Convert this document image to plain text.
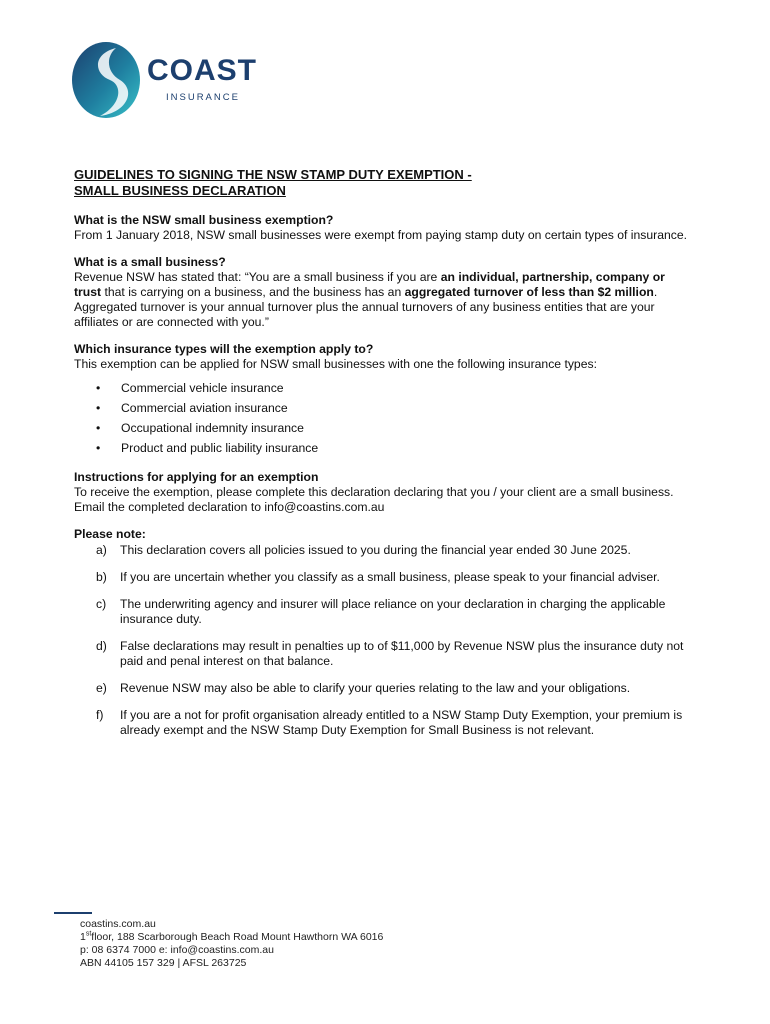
COAST
INSURANCE
GUIDELINES TO SIGNING THE NSW STAMP DUTY EXEMPTION -
SMALL BUSINESS DECLARATION

What is the NSW small business exemption?

From 1 January 2018, NSW small businesses were exempt from paying stamp duty on certain types of insurance.

What is a small business?

Revenue NSW has stated that: “You are a small business if you are an individual, partnership, company or trust that is carrying on a business, and the business has an aggregated turnover of less than $2 million. Aggregated turnover is your annual turnover plus the annual turnovers of any business entities that are your affiliates or are connected with you.”

Which insurance types will the exemption apply to?

This exemption can be applied for NSW small businesses with one the following insurance types:

• Commercial vehicle insurance
• Commercial aviation insurance
• Occupational indemnity insurance
• Product and public liability insurance

Instructions for applying for an exemption

To receive the exemption, please complete this declaration declaring that you / your client are a small business. Email the completed declaration to info@coastins.com.au

Please note:

a) This declaration covers all policies issued to you during the financial year ended 30 June 2025.
b) If you are uncertain whether you classify as a small business, please speak to your financial adviser.
c) The underwriting agency and insurer will place reliance on your declaration in charging the applicable insurance duty.
d) False declarations may result in penalties up to of $11,000 by Revenue NSW plus the insurance duty not paid and penal interest on that balance.
e) Revenue NSW may also be able to clarify your queries relating to the law and your obligations.
f) If you are a not for profit organisation already entitled to a NSW Stamp Duty Exemption, your premium is already exempt and the NSW Stamp Duty Exemption for Small Business is not relevant.

coastins.com.au

1stfloor, 188 Scarborough Beach Road Mount Hawthorn WA 6016

p: 08 6374 7000 e: info@coastins.com.au

ABN 44105 157 329 | AFSL 263725
